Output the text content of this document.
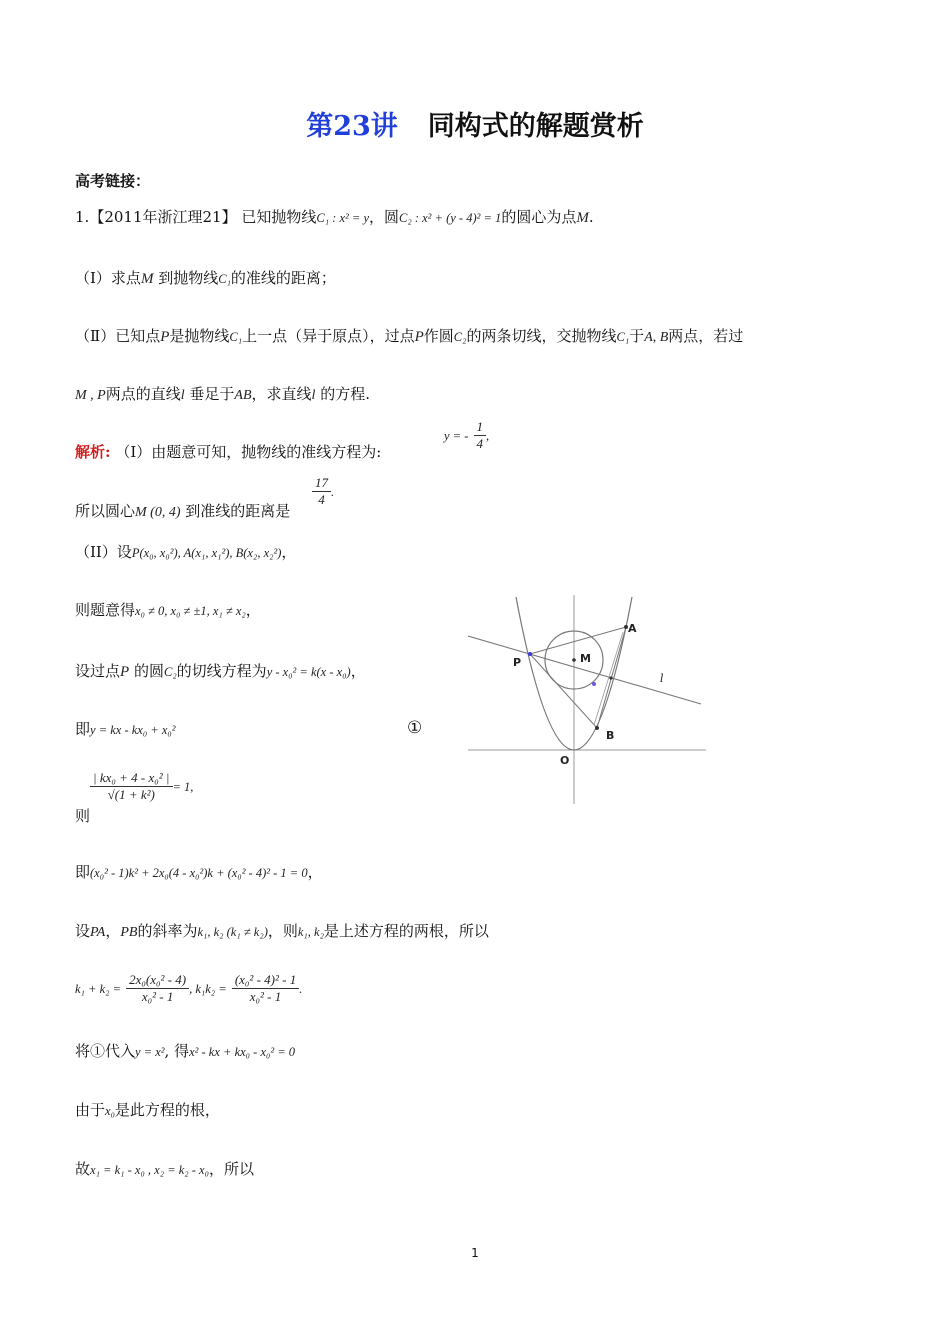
第23讲 同构式的解题赏析
高考链接：
1.【2011年浙江理21】 已知抛物线C₁ : x² = y，圆C₂ : x² + (y - 4)² = 1的圆心为点M.
（Ⅰ）求点M 到抛物线C₁的准线的距离；
（Ⅱ）已知点P是抛物线C₁上一点（异于原点），过点P作圆C₂的两条切线，交抛物线C₁于A, B两点，若过
M , P两点的直线l 垂足于AB，求直线l 的方程.
解析: （I）由题意可知，抛物线的准线方程为:
y = - $\frac{1}{4}$ ,
所以圆心M (0, 4) 到准线的距离是
$\frac{17}{4}$ .
（II）设P(x₀, x₀²), A(x₁, x₁²), B(x₂, x₂²)，
则题意得x₀ ≠ 0, x₀ ≠ ±1, x₁ ≠ x₂，
设过点P 的圆C₂的切线方程为y - x₀² = k(x - x₀)，
即y = kx - kx₀ + x₀²	①
则
$\frac{\text{| kx₀ + 4 - x₀² |}}{\text{√(1 + k²)}} = 1$,
即(x₀² - 1)k² + 2x₀(4 - x₀²)k + (x₀² - 4)² - 1 = 0，
设PA，PB的斜率为k₁, k₂ (k₁ ≠ k₂)，则k₁, k₂是上述方程的两根，所以
$k_1 + k_2 = \frac{\text{2x₀(x₀² - 4)}}{\text{x₀² - 1}}$ , $k_1k_2 = \frac{\text{(x₀² - 4)² - 1}}{\text{x₀² - 1}}$ .
将①代入y = x², 得x² - kx + kx₀ - x₀² = 0
由于x₀是此方程的根，
故x₁ = k₁ - x₀ , x₂ = k₂ - x₀，所以
A
B
P	M
O
l
1
